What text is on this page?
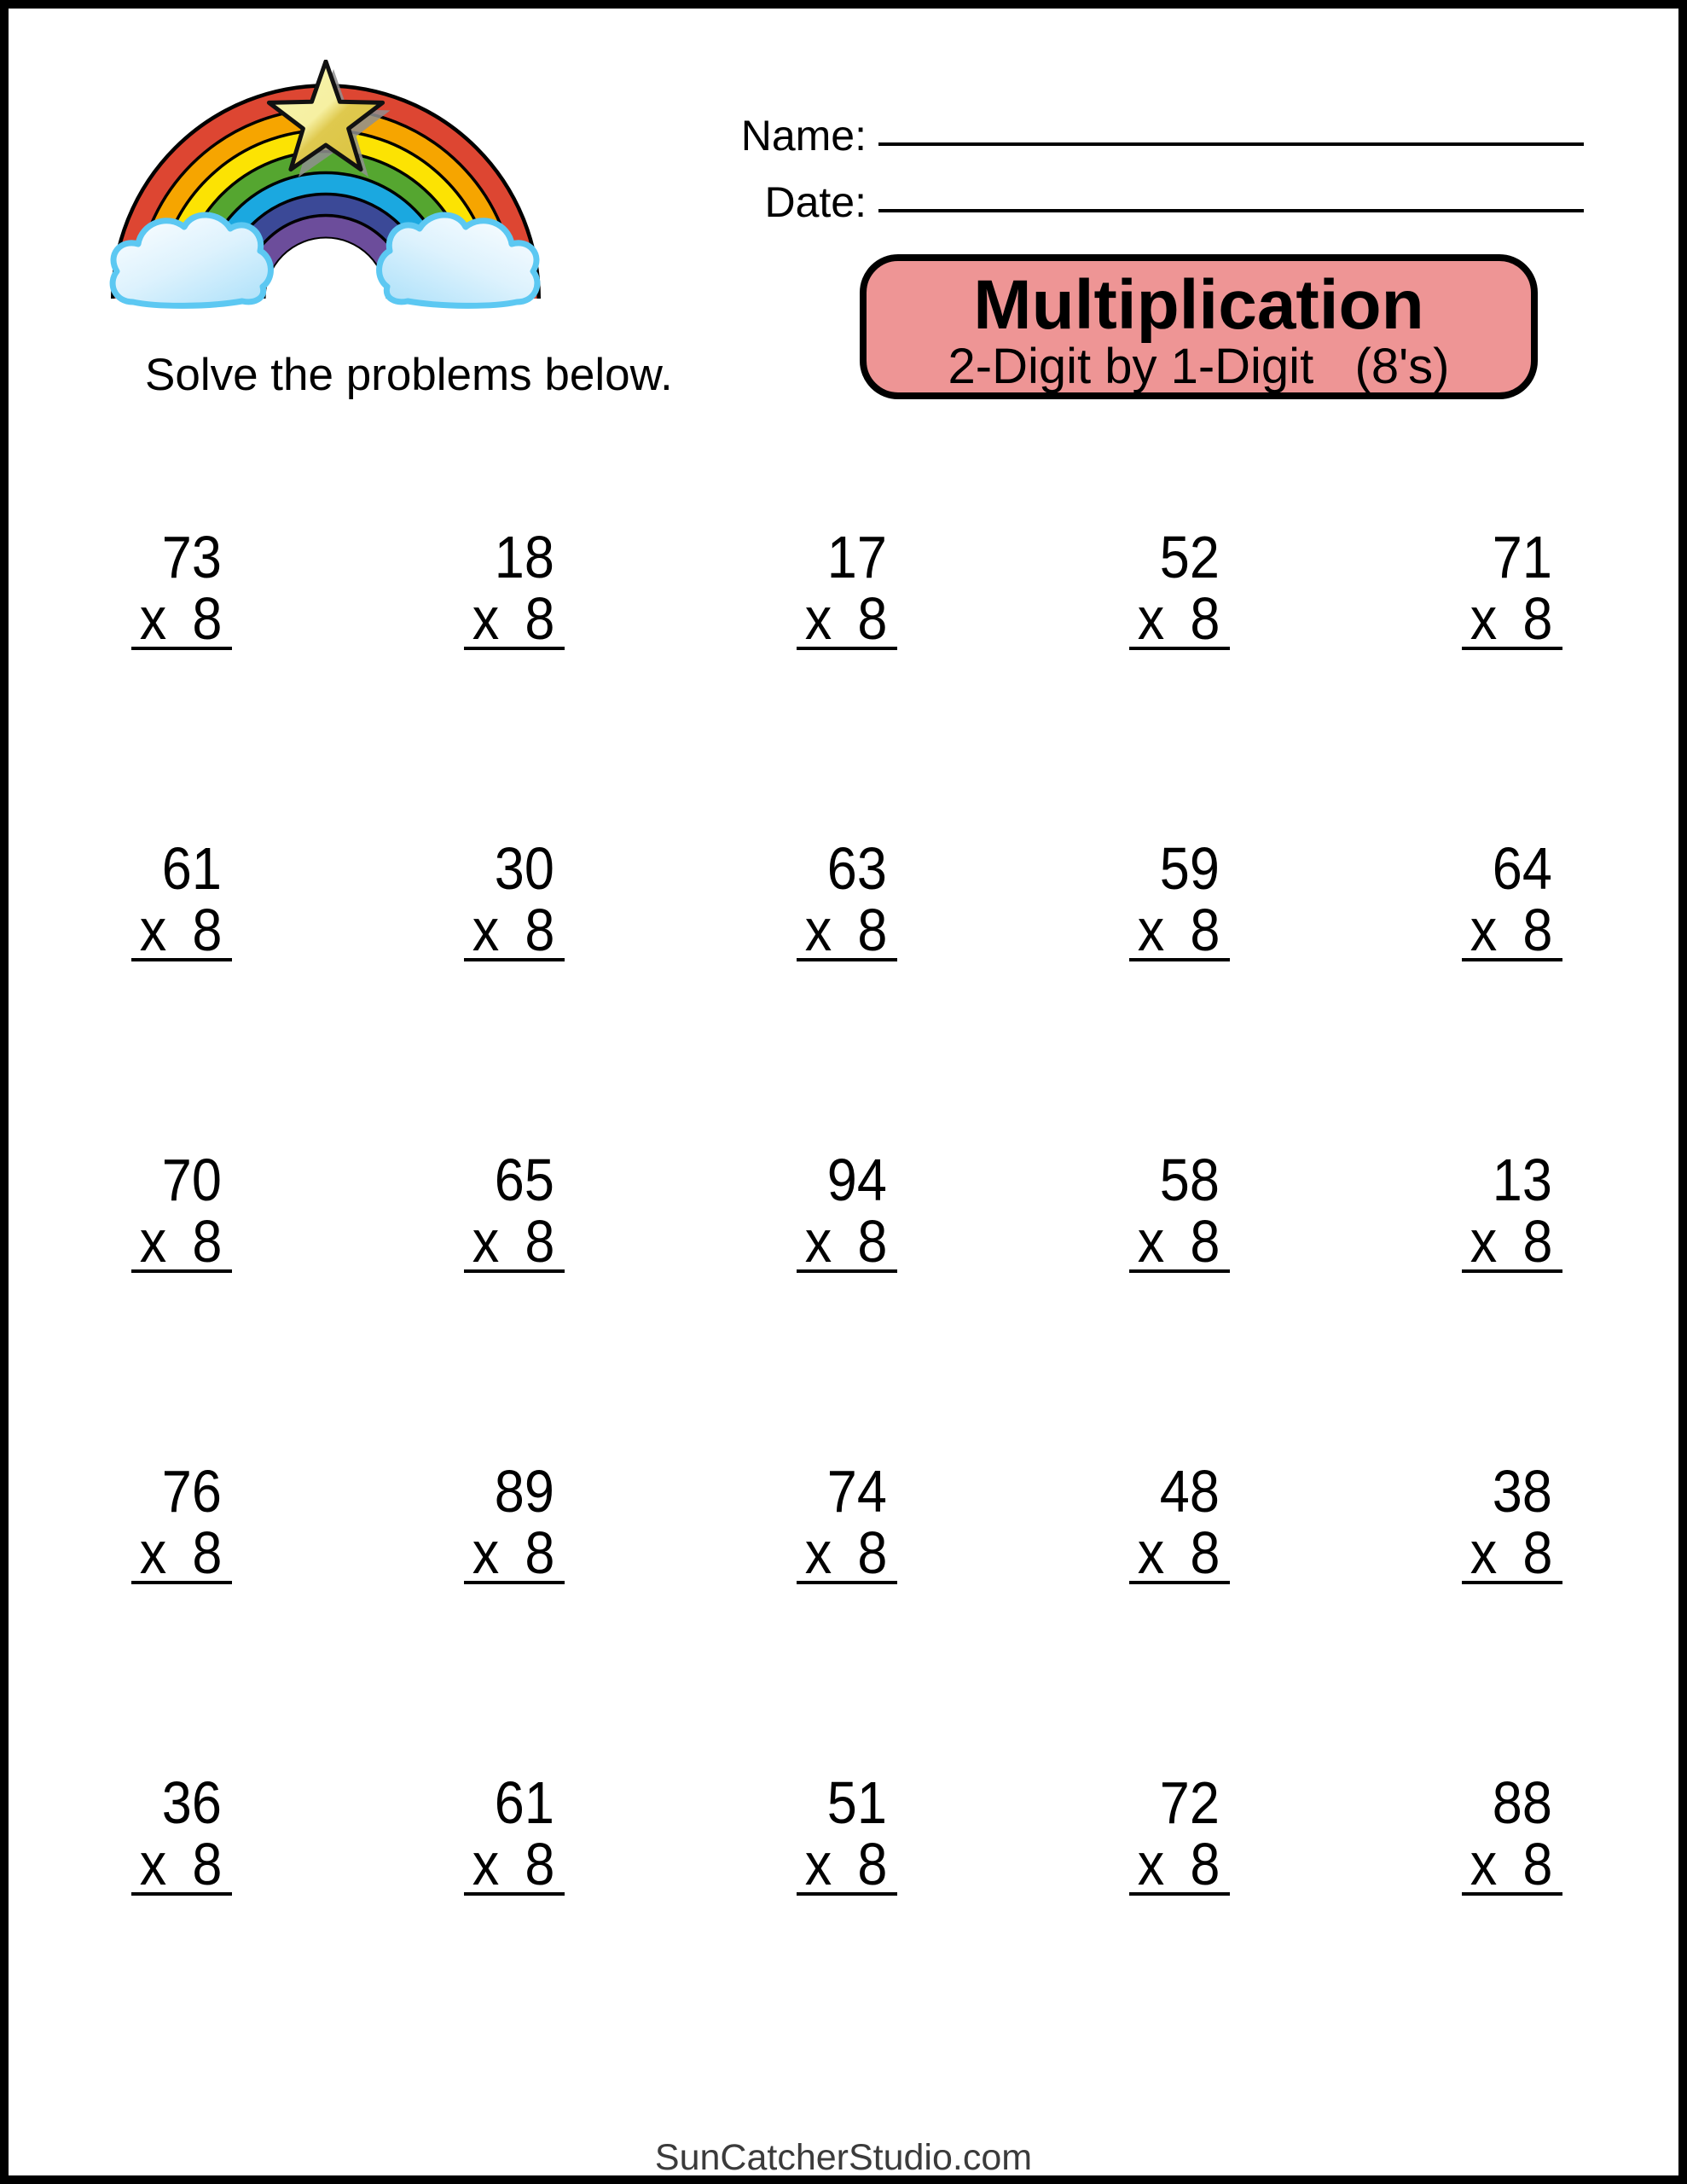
Solve the problems below.
Name:
Date:
Multiplication
2-Digit by 1-Digit   (8's)
73
x 8
18
x 8
17
x 8
52
x 8
71
x 8
61
x 8
30
x 8
63
x 8
59
x 8
64
x 8
70
x 8
65
x 8
94
x 8
58
x 8
13
x 8
76
x 8
89
x 8
74
x 8
48
x 8
38
x 8
36
x 8
61
x 8
51
x 8
72
x 8
88
x 8
SunCatcherStudio.com
